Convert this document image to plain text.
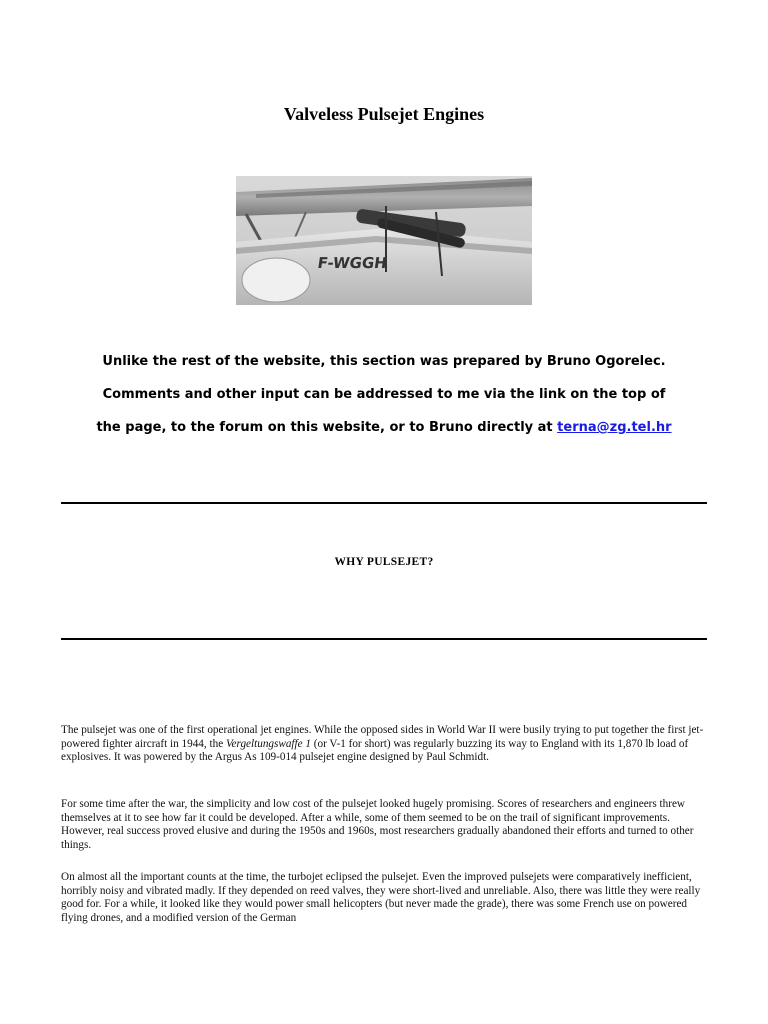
Valveless Pulsejet Engines
F-WGGH
Unlike the rest of the website, this section was prepared by Bruno Ogorelec.
Comments and other input can be addressed to me via the link on the top of
the page, to the forum on this website, or to Bruno directly at terna@zg.tel.hr
WHY PULSEJET?

The pulsejet was one of the first operational jet engines. While the opposed sides in World War II were busily trying to put together the first jet-powered fighter aircraft in 1944, the Vergeltungswaffe 1 (or V-1 for short) was regularly buzzing its way to England with its 1,870 lb load of explosives. It was powered by the Argus As 109-014 pulsejet engine designed by Paul Schmidt.

For some time after the war, the simplicity and low cost of the pulsejet looked hugely promising. Scores of researchers and engineers threw themselves at it to see how far it could be developed. After a while, some of them seemed to be on the trail of significant improvements. However, real success proved elusive and during the 1950s and 1960s, most researchers gradually abandoned their efforts and turned to other things.

On almost all the important counts at the time, the turbojet eclipsed the pulsejet. Even the improved pulsejets were comparatively inefficient, horribly noisy and vibrated madly. If they depended on reed valves, they were short-lived and unreliable. Also, there was little they were really good for. For a while, it looked like they would power small helicopters (but never made the grade), there was some French use on powered flying drones, and a modified version of the German
